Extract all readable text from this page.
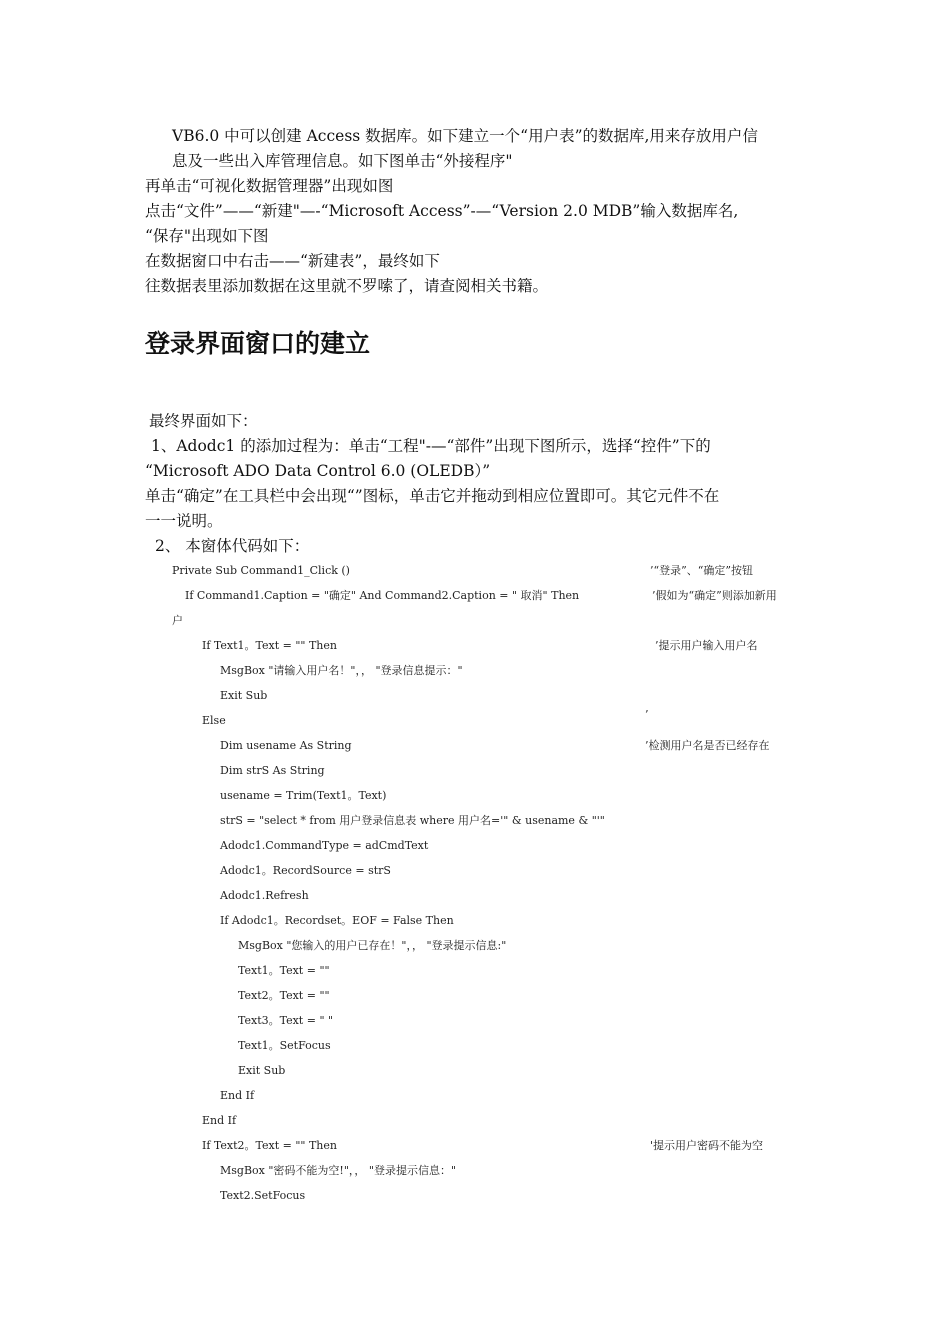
VB6.0 中可以创建 Access 数据库。如下建立一个“用户表”的数据库,用来存放用户信
息及一些出入库管理信息。如下图单击“外接程序"
再单击“可视化数据管理器”出现如图
点击“文件”——“新建"—-“Microsoft Access”-—“Version 2.0 MDB”输入数据库名,
“保存"出现如下图
在数据窗口中右击——“新建表”，最终如下
往数据表里添加数据在这里就不罗嗦了，请查阅相关书籍。
登录界面窗口的建立
最终界面如下：
1、Adodc1 的添加过程为：单击“工程"-—“部件”出现下图所示，选择“控件”下的
“Microsoft ADO Data Control 6.0 (OLEDB）”
单击“确定”在工具栏中会出现“”图标，单击它并拖动到相应位置即可。其它元件不在
一一说明。
2、 本窗体代码如下：
Private Sub Command1_Click ()	’“登录”、“确定”按钮
If Command1.Caption = "确定" And Command2.Caption = " 取消" Then	’假如为“确定”则添加新用
户
If Text1。Text = "" Then	’提示用户输入用户名
MsgBox "请输入用户名！"，， "登录信息提示："
Exit Sub
Else	’
Dim usename As String	’检测用户名是否已经存在
Dim strS As String
usename = Trim(Text1。Text)
strS = "select * from 用户登录信息表 where 用户名='" & usename & "'"
Adodc1.CommandType = adCmdText
Adodc1。RecordSource = strS
Adodc1.Refresh
If Adodc1。Recordset。EOF = False Then
MsgBox "您输入的用户已存在！"，， "登录提示信息:"
Text1。Text = ""
Text2。Text = ""
Text3。Text = " "
Text1。SetFocus
Exit Sub
End If
End If
If Text2。Text = "" Then	'提示用户密码不能为空
MsgBox "密码不能为空!"，， "登录提示信息："
Text2.SetFocus
